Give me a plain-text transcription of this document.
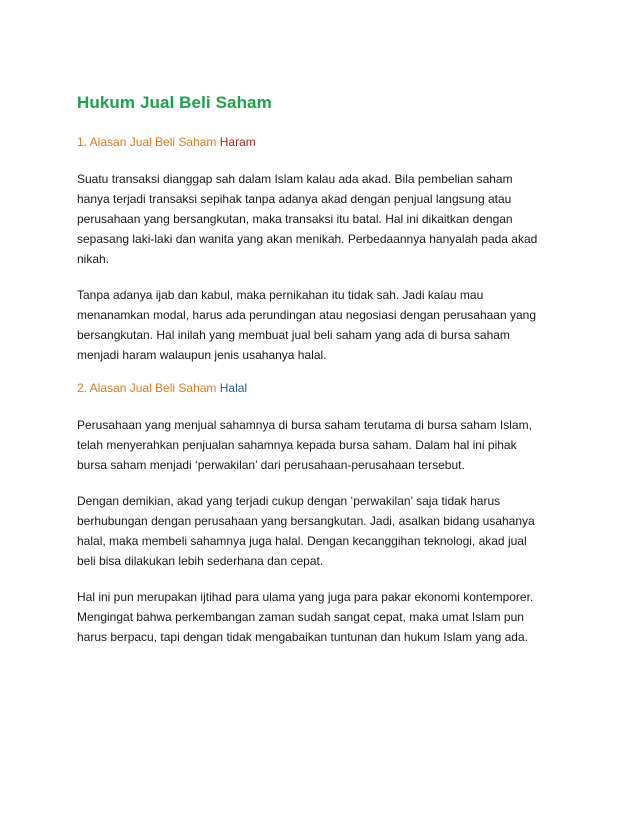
Hukum Jual Beli Saham
1. Alasan Jual Beli Saham Haram

Suatu transaksi dianggap sah dalam Islam kalau ada akad. Bila pembelian saham
hanya terjadi transaksi sepihak tanpa adanya akad dengan penjual langsung atau
perusahaan yang bersangkutan, maka transaksi itu batal. Hal ini dikaitkan dengan
sepasang laki-laki dan wanita yang akan menikah. Perbedaannya hanyalah pada akad
nikah.

Tanpa adanya ijab dan kabul, maka pernikahan itu tidak sah. Jadi kalau mau
menanamkan modal, harus ada perundingan atau negosiasi dengan perusahaan yang
bersangkutan. Hal inilah yang membuat jual beli saham yang ada di bursa saham
menjadi haram walaupun jenis usahanya halal.

2. Alasan Jual Beli Saham Halal

Perusahaan yang menjual sahamnya di bursa saham terutama di bursa saham Islam,
telah menyerahkan penjualan sahamnya kepada bursa saham. Dalam hal ini pihak
bursa saham menjadi ‘perwakilan’ dari perusahaan-perusahaan tersebut.

Dengan demikian, akad yang terjadi cukup dengan ‘perwakilan’ saja tidak harus
berhubungan dengan perusahaan yang bersangkutan. Jadi, asalkan bidang usahanya
halal, maka membeli sahamnya juga halal. Dengan kecanggihan teknologi, akad jual
beli bisa dilakukan lebih sederhana dan cepat.

Hal ini pun merupakan ijtihad para ulama yang juga para pakar ekonomi kontemporer.
Mengingat bahwa perkembangan zaman sudah sangat cepat, maka umat Islam pun
harus berpacu, tapi dengan tidak mengabaikan tuntunan dan hukum Islam yang ada.
